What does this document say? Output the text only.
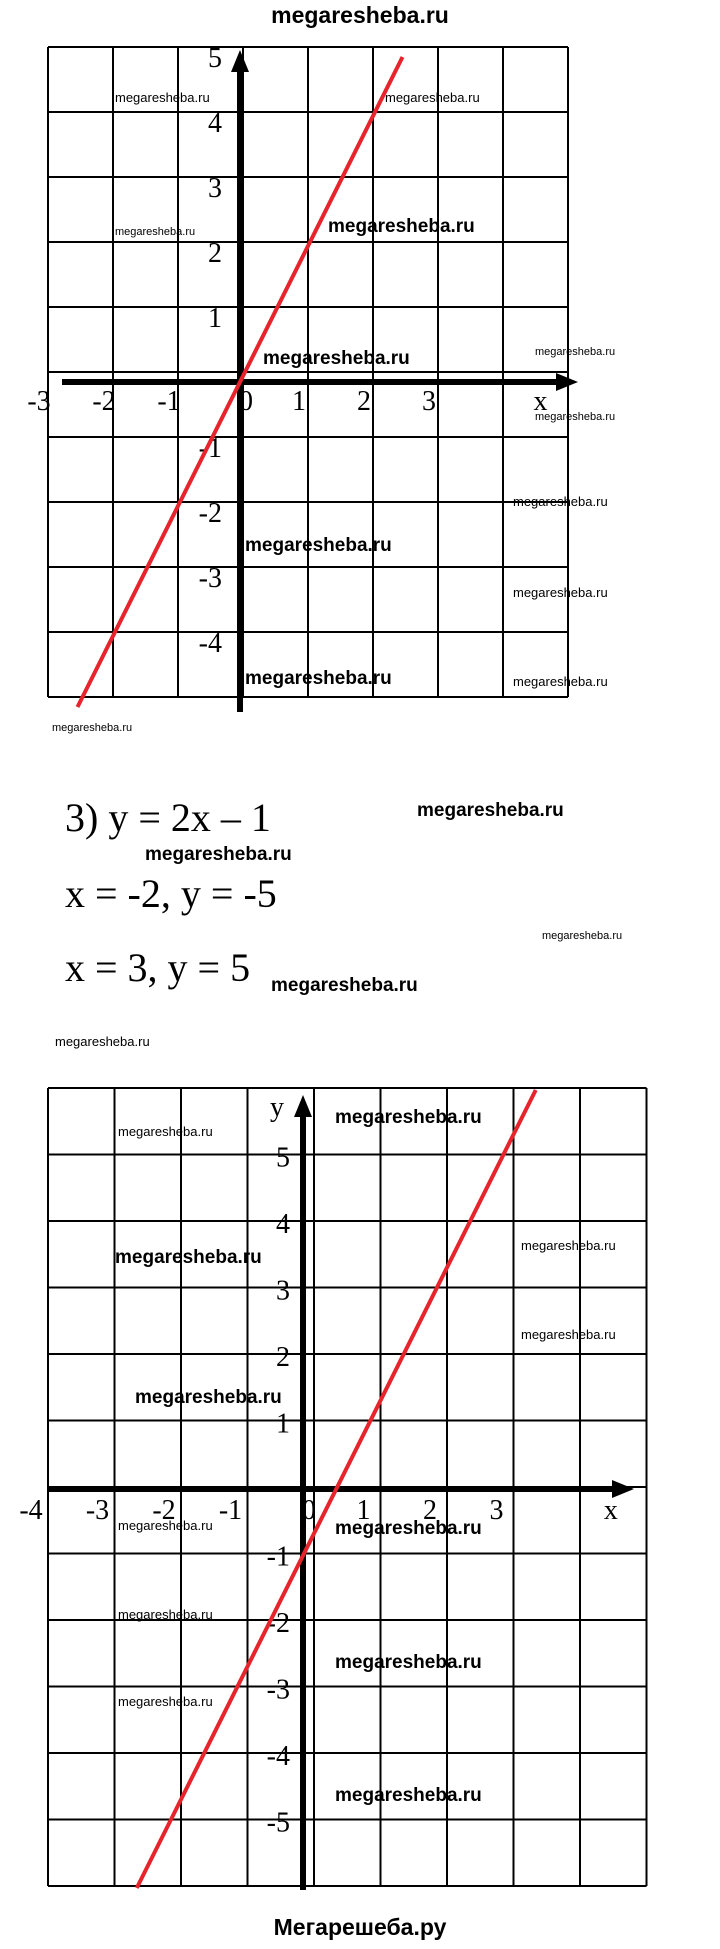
megaresheba.ru
-3 -2 -1 0 1 2 3	x
5
4
3
2
1
-1
-2
-3
-4
-4 -3 -2 -1 0 1 2 3	x
5
4
3
2
1
-1
-2
-3
-4
-5
y
3) y = 2x – 1
x = -2, y = -5
x = 3, y = 5
megaresheba.ru	megaresheba.ru
megaresheba.ru	megaresheba.ru
megaresheba.ru	megaresheba.ru
megaresheba.ru
megaresheba.ru
megaresheba.ru
megaresheba.ru
megaresheba.ru	megaresheba.ru
megaresheba.ru
megaresheba.ru
megaresheba.ru
megaresheba.ru
megaresheba.ru
megaresheba.ru
megaresheba.ru
megaresheba.ru
megaresheba.ru
megaresheba.ru
megaresheba.ru
megaresheba.ru
megaresheba.ru	megaresheba.ru
megaresheba.ru
megaresheba.ru
megaresheba.ru
megaresheba.ru
Мегарешеба.ру
